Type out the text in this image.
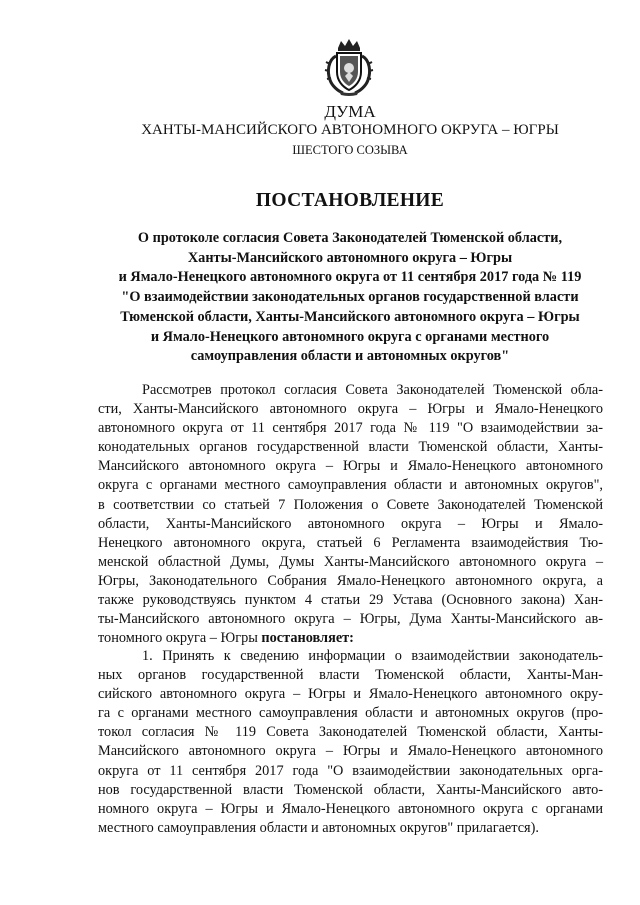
ДУМА
ХАНТЫ-МАНСИЙСКОГО АВТОНОМНОГО ОКРУГА – ЮГРЫ
ШЕСТОГО СОЗЫВА
ПОСТАНОВЛЕНИЕ
О протоколе согласия Совета Законодателей Тюменской области,
Ханты-Мансийского автономного округа – Югры
и Ямало-Ненецкого автономного округа от 11 сентября 2017 года № 119
"О взаимодействии законодательных органов государственной власти
Тюменской области, Ханты-Мансийского автономного округа – Югры
и Ямало-Ненецкого автономного округа с органами местного
самоуправления области и автономных округов"
Рассмотрев протокол согласия Совета Законодателей Тюменской обла-
сти, Ханты-Мансийского автономного округа – Югры и Ямало-Ненецкого
автономного округа от 11 сентября 2017 года № 119 "О взаимодействии за-
конодательных органов государственной власти Тюменской области, Ханты-
Мансийского автономного округа – Югры и Ямало-Ненецкого автономного
округа с органами местного самоуправления области и автономных округов",
в соответствии со статьей 7 Положения о Совете Законодателей Тюменской
области, Ханты-Мансийского автономного округа – Югры и Ямало-
Ненецкого автономного округа, статьей 6 Регламента взаимодействия Тю-
менской областной Думы, Думы Ханты-Мансийского автономного округа –
Югры, Законодательного Собрания Ямало-Ненецкого автономного округа, а
также руководствуясь пунктом 4 статьи 29 Устава (Основного закона) Хан-
ты-Мансийского автономного округа – Югры, Дума Ханты-Мансийского ав-
тономного округа – Югры постановляет:
1. Принять к сведению информации о взаимодействии законодатель-
ных органов государственной власти Тюменской области, Ханты-Ман-
сийского автономного округа – Югры и Ямало-Ненецкого автономного окру-
га с органами местного самоуправления области и автономных округов (про-
токол согласия № 119 Совета Законодателей Тюменской области, Ханты-
Мансийского автономного округа – Югры и Ямало-Ненецкого автономного
округа от 11 сентября 2017 года "О взаимодействии законодательных орга-
нов государственной власти Тюменской области, Ханты-Мансийского авто-
номного округа – Югры и Ямало-Ненецкого автономного округа с органами
местного самоуправления области и автономных округов" прилагается).
